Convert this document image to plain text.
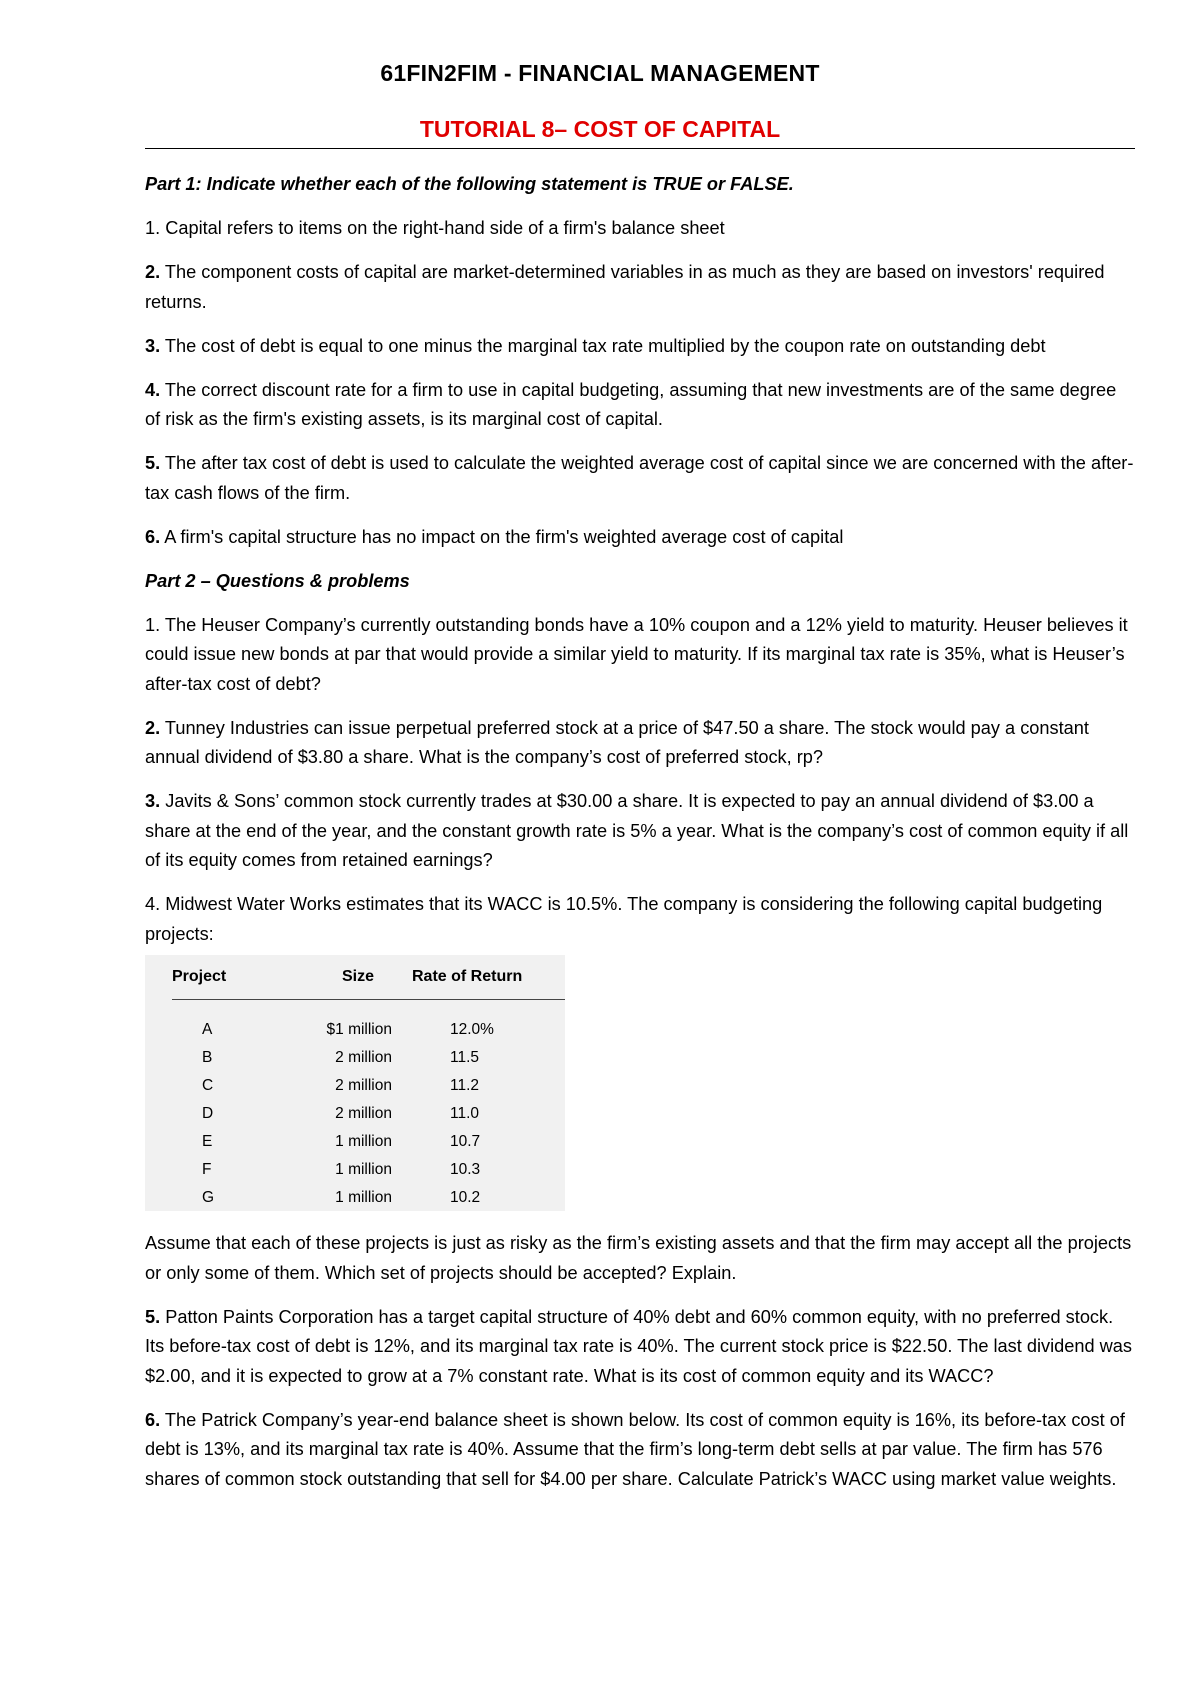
61FIN2FIM - FINANCIAL MANAGEMENT
TUTORIAL 8– COST OF CAPITAL

Part 1: Indicate whether each of the following statement is TRUE or FALSE.

1. Capital refers to items on the right-hand side of a firm's balance sheet

2. The component costs of capital are market-determined variables in as much as they are based on investors' required returns.

3. The cost of debt is equal to one minus the marginal tax rate multiplied by the coupon rate on outstanding debt

4. The correct discount rate for a firm to use in capital budgeting, assuming that new investments are of the same degree of risk as the firm's existing assets, is its marginal cost of capital.

5. The after tax cost of debt is used to calculate the weighted average cost of capital since we are concerned with the after-tax cash flows of the firm.

6. A firm's capital structure has no impact on the firm's weighted average cost of capital

Part 2 – Questions & problems

1. The Heuser Company’s currently outstanding bonds have a 10% coupon and a 12% yield to maturity. Heuser believes it could issue new bonds at par that would provide a similar yield to maturity. If its marginal tax rate is 35%, what is Heuser’s after-tax cost of debt?

2. Tunney Industries can issue perpetual preferred stock at a price of $47.50 a share. The stock would pay a constant annual dividend of $3.80 a share. What is the company’s cost of preferred stock, rp?

3. Javits & Sons’ common stock currently trades at $30.00 a share. It is expected to pay an annual dividend of $3.00 a share at the end of the year, and the constant growth rate is 5% a year. What is the company’s cost of common equity if all of its equity comes from retained earnings?

4. Midwest Water Works estimates that its WACC is 10.5%. The company is considering the following capital budgeting projects:

Project	Size	Rate of Return
A	$1 million	12.0%
B	2 million	11.5
C	2 million	11.2
D	2 million	11.0
E	1 million	10.7
F	1 million	10.3
G	1 million	10.2

Assume that each of these projects is just as risky as the firm’s existing assets and that the firm may accept all the projects or only some of them. Which set of projects should be accepted? Explain.

5. Patton Paints Corporation has a target capital structure of 40% debt and 60% common equity, with no preferred stock. Its before-tax cost of debt is 12%, and its marginal tax rate is 40%. The current stock price is $22.50. The last dividend was $2.00, and it is expected to grow at a 7% constant rate. What is its cost of common equity and its WACC?

6. The Patrick Company’s year-end balance sheet is shown below. Its cost of common equity is 16%, its before-tax cost of debt is 13%, and its marginal tax rate is 40%. Assume that the firm’s long-term debt sells at par value. The firm has 576 shares of common stock outstanding that sell for $4.00 per share. Calculate Patrick’s WACC using market value weights.
